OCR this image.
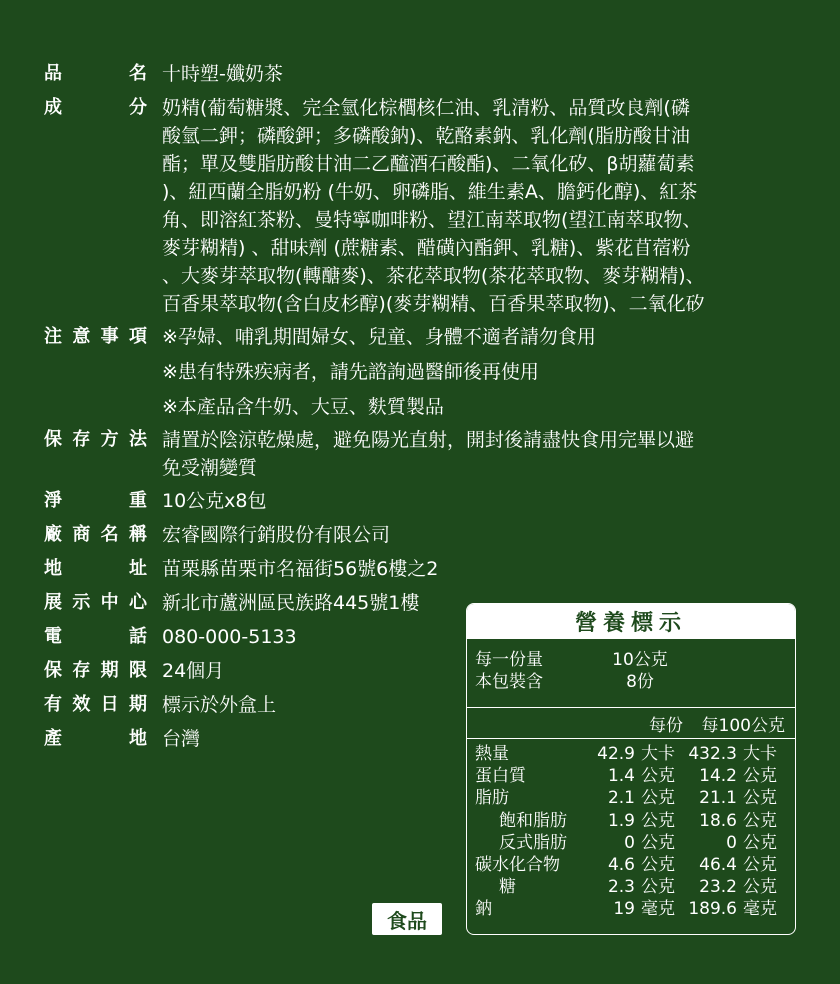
品	名 十時塑-孅奶茶
成	分 奶精(葡萄糖漿、完全氫化棕櫚核仁油、乳清粉、品質改良劑(磷
酸氫二鉀；磷酸鉀；多磷酸鈉)、乾酪素鈉、乳化劑(脂肪酸甘油
酯；單及雙脂肪酸甘油二乙醯酒石酸酯)、二氧化矽、β胡蘿蔔素
)、紐西蘭全脂奶粉 (牛奶、卵磷脂、維生素A、膽鈣化醇)、紅茶
角、即溶紅茶粉、曼特寧咖啡粉、望江南萃取物(望江南萃取物、
麥芽糊精) 、甜味劑 (蔗糖素、醋磺內酯鉀、乳糖)、紫花苜蓿粉
、大麥芽萃取物(轉醣麥)、茶花萃取物(茶花萃取物、麥芽糊精)、
百香果萃取物(含白皮杉醇)(麥芽糊精、百香果萃取物)、二氧化矽
注 意 事 項 ※孕婦、哺乳期間婦女、兒童、身體不適者請勿食用
※患有特殊疾病者，請先諮詢過醫師後再使用
※本產品含牛奶、大豆、麩質製品
保 存 方 法 請置於陰涼乾燥處，避免陽光直射，開封後請盡快食用完畢以避
免受潮變質
淨	重 10公克x8包
廠 商 名 稱 宏睿國際行銷股份有限公司
地	址 苗栗縣苗栗市名福街56號6樓之2
展 示 中 心 新北市蘆洲區民族路445號1樓
電	話 080-000-5133
保 存 期 限 24個月
有 效 日 期 標示於外盒上
產	地 台灣
食品
營養標示
每一份量	10公克
本包裝含	8份
每份	每100公克
熱量	42.9 大卡 432.3 大卡
蛋白質	1.4 公克	14.2 公克
脂肪	2.1 公克	21.1 公克
飽和脂肪	1.9 公克	18.6 公克
反式脂肪	0 公克	0 公克
碳水化合物	4.6 公克	46.4 公克
糖	2.3 公克	23.2 公克
鈉	19 毫克 189.6 毫克
